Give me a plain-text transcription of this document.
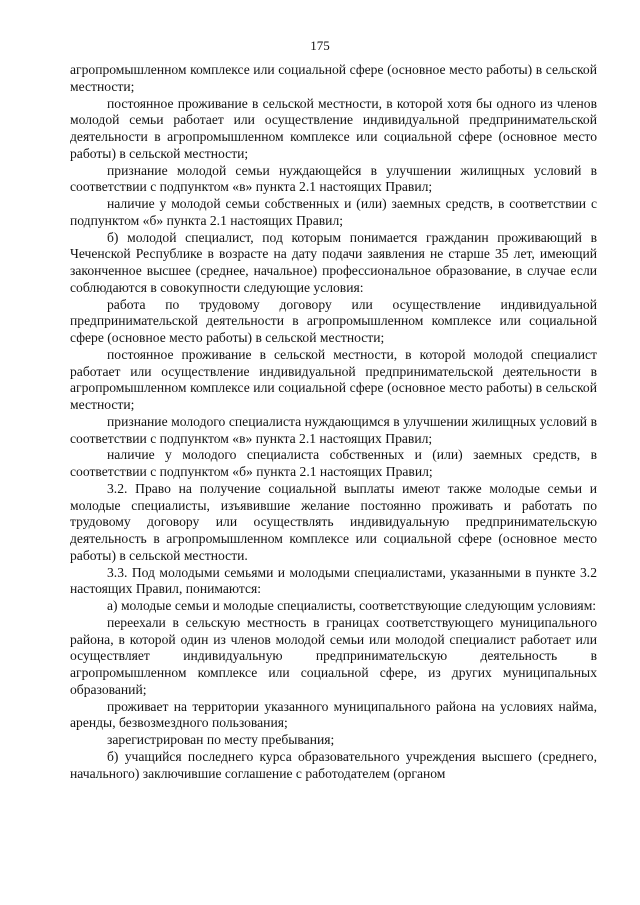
175

агропромышленном комплексе или социальной сфере (основное место работы) в сельской местности;

постоянное проживание в сельской местности, в которой хотя бы одного из членов молодой семьи работает или осуществление индивидуальной предпринимательской деятельности в агропромышленном комплексе или социальной сфере (основное место работы) в сельской местности;

признание молодой семьи нуждающейся в улучшении жилищных условий в соответствии с подпунктом «в» пункта 2.1 настоящих Правил;

наличие у молодой семьи собственных и (или) заемных средств, в соответствии с подпунктом «б» пункта 2.1 настоящих Правил;

б) молодой специалист, под которым понимается гражданин проживающий в Чеченской Республике в возрасте на дату подачи заявления не старше 35 лет, имеющий законченное высшее (среднее, начальное) профессиональное образование, в случае если соблюдаются в совокупности следующие условия:

работа по трудовому договору или осуществление индивидуальной предпринимательской деятельности в агропромышленном комплексе или социальной сфере (основное место работы) в сельской местности;

постоянное проживание в сельской местности, в которой молодой специалист работает или осуществление индивидуальной предпринимательской деятельности в агропромышленном комплексе или социальной сфере (основное место работы) в сельской местности;

признание молодого специалиста нуждающимся в улучшении жилищных условий в соответствии с подпунктом «в» пункта 2.1 настоящих Правил;

наличие у молодого специалиста собственных и (или) заемных средств, в соответствии с подпунктом «б» пункта 2.1 настоящих Правил;

3.2. Право на получение социальной выплаты имеют также молодые семьи и молодые специалисты, изъявившие желание постоянно проживать и работать по трудовому договору или осуществлять индивидуальную предпринимательскую деятельность в агропромышленном комплексе или социальной сфере (основное место работы) в сельской местности.

3.3. Под молодыми семьями и молодыми специалистами, указанными в пункте 3.2 настоящих Правил, понимаются:

а) молодые семьи и молодые специалисты, соответствующие следующим условиям:

переехали в сельскую местность в границах соответствующего муниципального района, в которой один из членов молодой семьи или молодой специалист работает или осуществляет индивидуальную предпринимательскую деятельность в агропромышленном комплексе или социальной сфере, из других муниципальных образований;

проживает на территории указанного муниципального района на условиях найма, аренды, безвозмездного пользования;

зарегистрирован по месту пребывания;

б) учащийся последнего курса образовательного учреждения высшего (среднего, начального) заключившие соглашение с работодателем (органом
